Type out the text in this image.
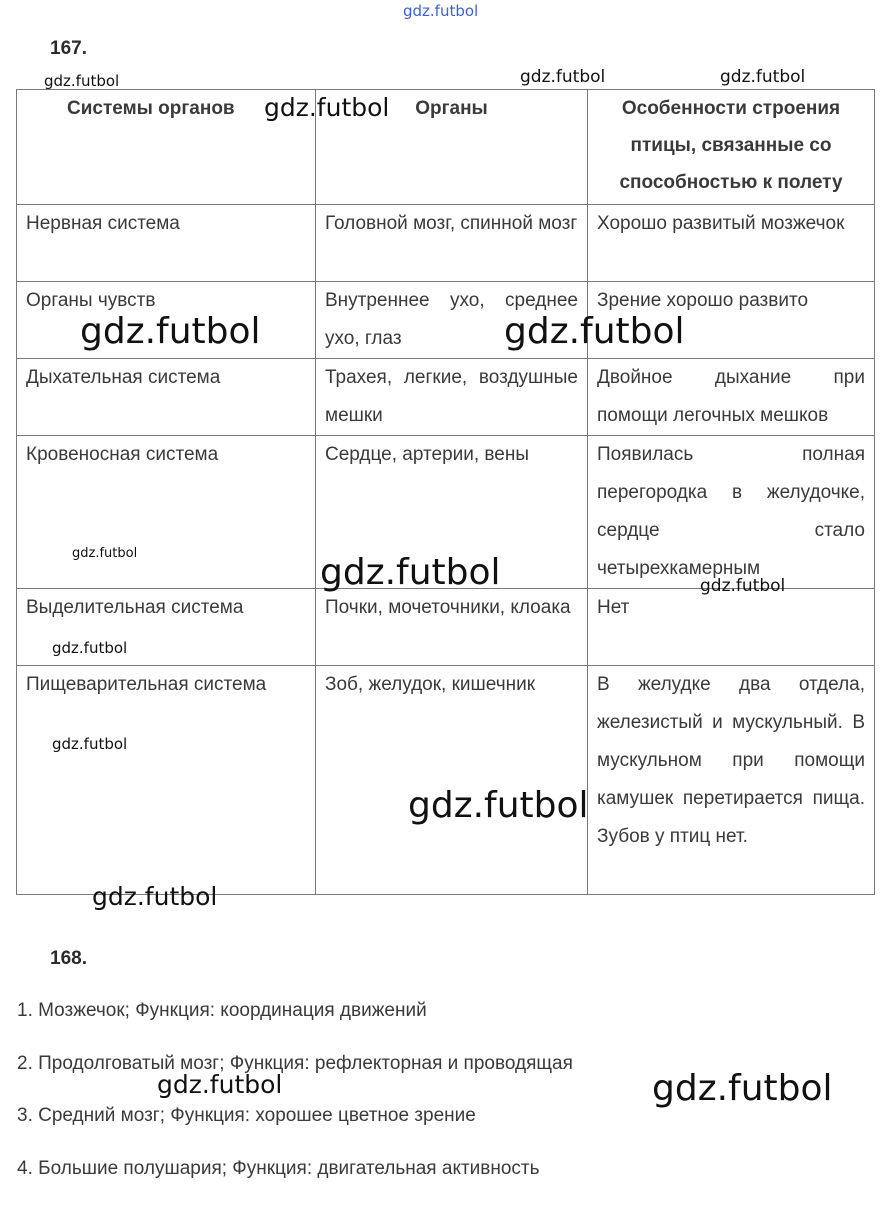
167.
Системы органов	Органы	Особенности строения птицы, связанные со способностью к полету
Нервная система	Головной мозг, спинной мозг	Хорошо развитый мозжечок
Органы чувств	Внутреннее ухо, среднее ухо, глаз	Зрение хорошо развито
Дыхательная система	Трахея, легкие, воздушные мешки	Двойное дыхание при помощи легочных мешков
Кровеносная система	Сердце, артерии, вены	Появилась полная перегородка в желудочке, сердце стало четырехкамерным
Выделительная система	Почки, мочеточники, клоака	Нет
Пищеварительная система	Зоб, желудок, кишечник	В желудке два отдела, железистый и мускульный. В мускульном при помощи камушек перетирается пища. Зубов у птиц нет.
168.
1. Мозжечок; Функция: координация движений
2. Продолговатый мозг; Функция: рефлекторная и проводящая
3. Средний мозг; Функция: хорошее цветное зрение
4. Большие полушария; Функция: двигательная активность
gdz.futbol
gdz.futbol	gdz.futbol	gdz.futbol
gdz.futbol
gdz.futbol	gdz.futbol
gdz.futbol	gdz.futbol	gdz.futbol
gdz.futbol
gdz.futbol
gdz.futbol
gdz.futbol
gdz.futbol	gdz.futbol
